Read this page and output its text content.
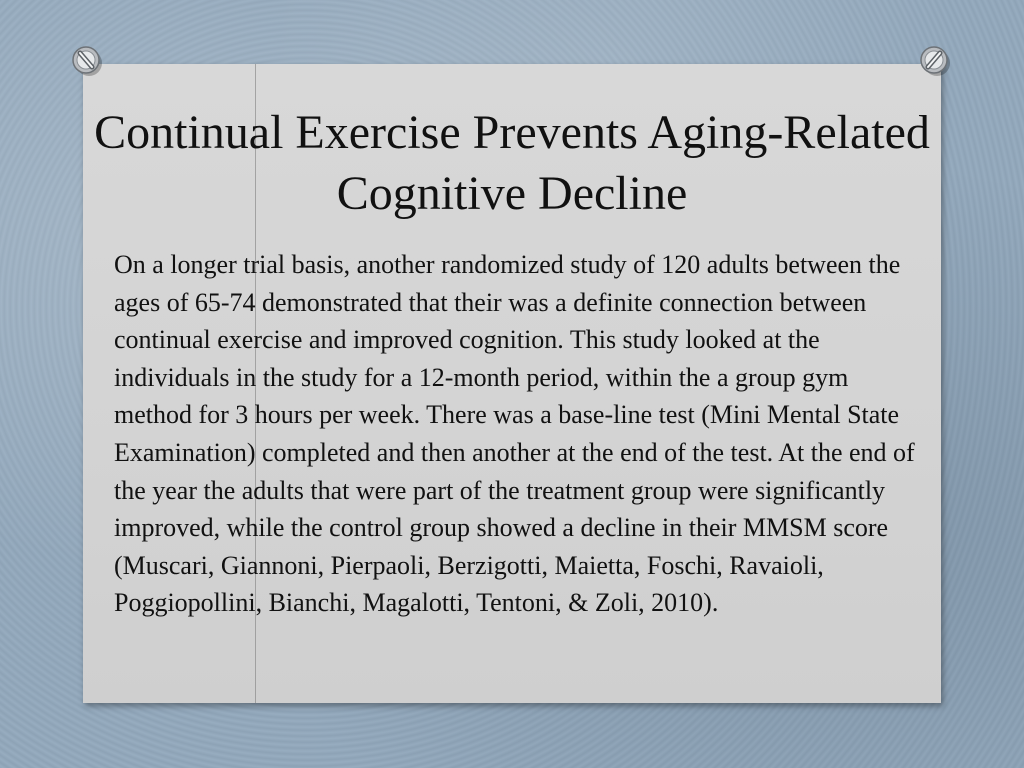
Continual Exercise Prevents Aging-Related Cognitive Decline

On a longer trial basis, another randomized study of 120 adults between the ages of 65-74 demonstrated that their was a definite connection between continual exercise and improved cognition. This study looked at the individuals in the study for a 12-month period, within the a group gym method for 3 hours per week. There was a base-line test (Mini Mental State Examination) completed and then another at the end of the test. At the end of the year the adults that were part of the treatment group were significantly improved, while the control group showed a decline in their MMSM score (Muscari, Giannoni, Pierpaoli, Berzigotti, Maietta, Foschi, Ravaioli, Poggiopollini, Bianchi, Magalotti, Tentoni, & Zoli, 2010).
